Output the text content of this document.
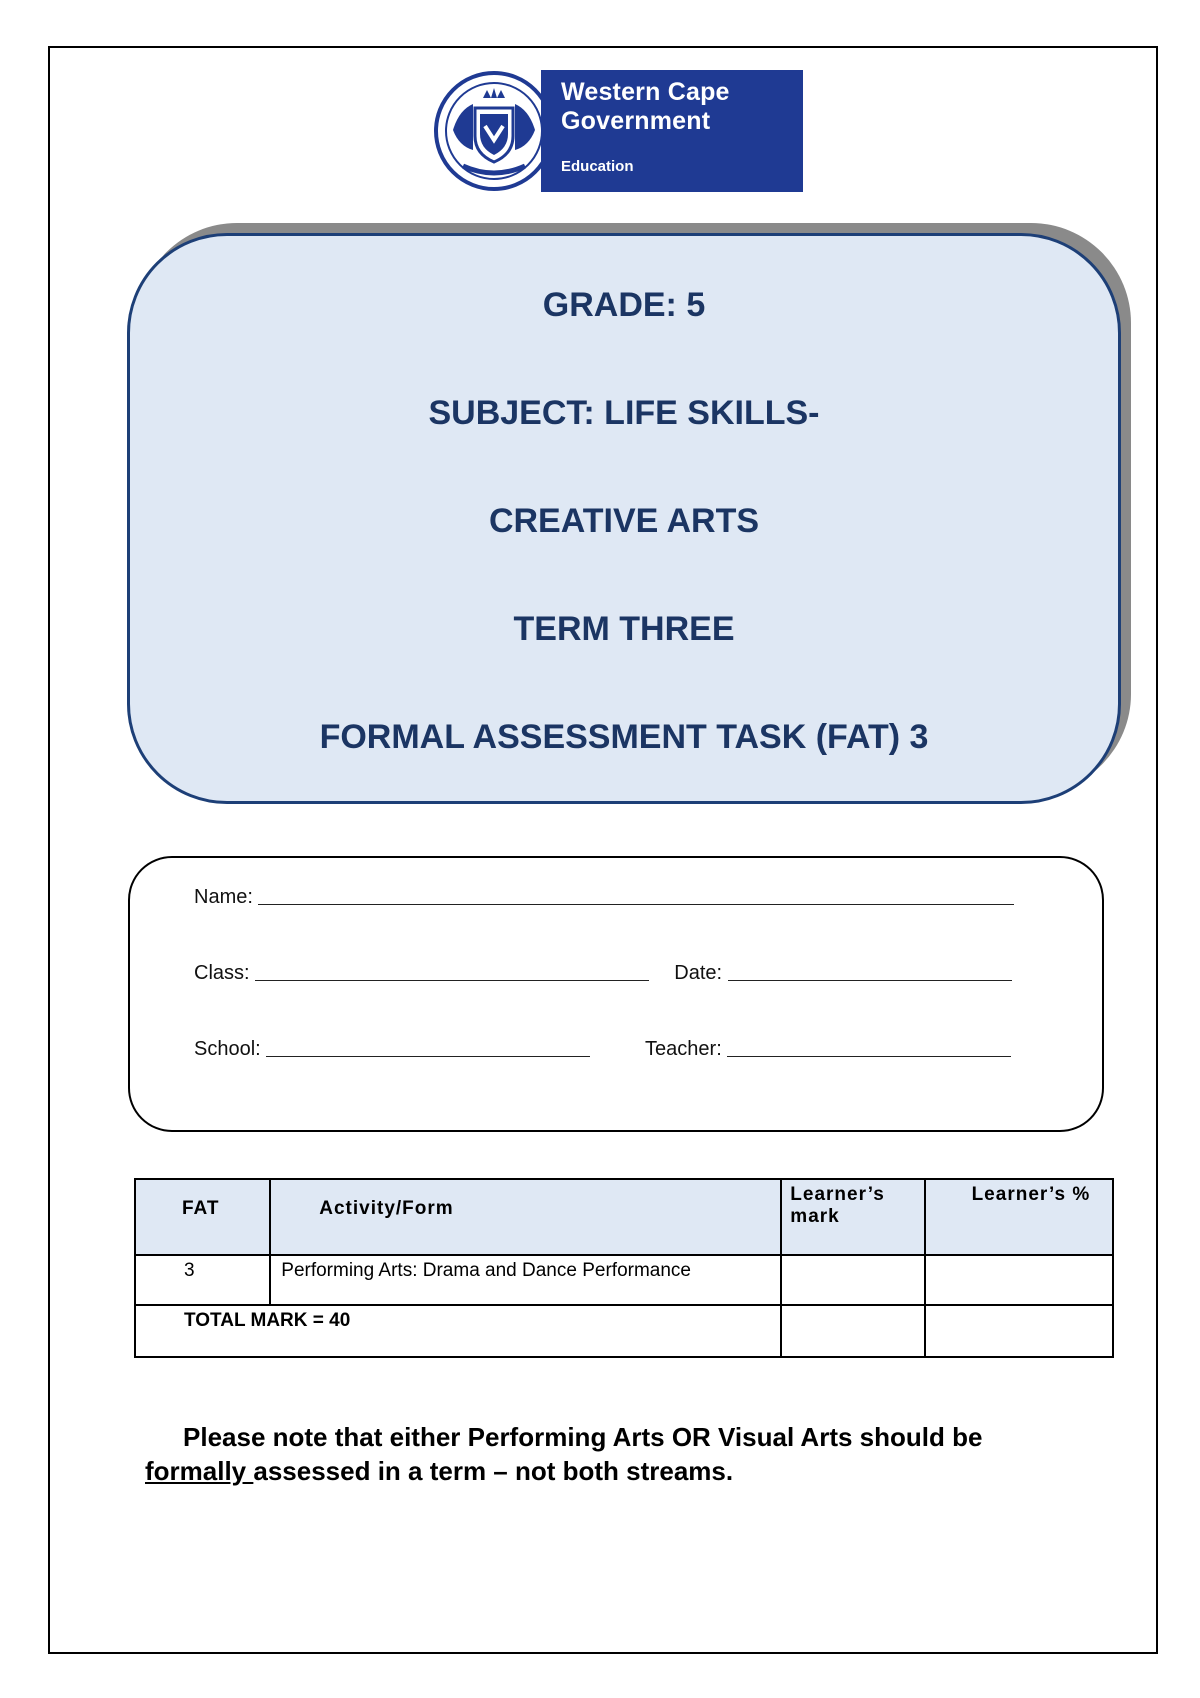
Western Cape
Government
Education
GRADE: 5
SUBJECT: LIFE SKILLS-
CREATIVE ARTS
TERM THREE
FORMAL ASSESSMENT TASK (FAT) 3
Name:
Class:	Date:
School:	Teacher:
FAT	Activity/Form	Learner’s mark	Learner’s %

3	Performing Arts: Drama and Dance Performance		

TOTAL MARK = 40			

Please note that either Performing Arts OR Visual Arts should be
formally assessed in a term – not both streams.
